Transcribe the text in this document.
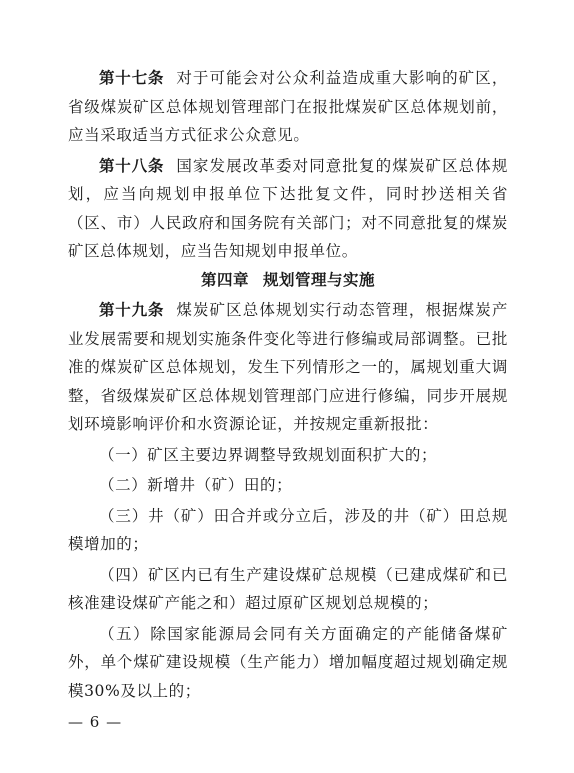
第十七条 对于可能会对公众利益造成重大影响的矿区，省级煤炭矿区总体规划管理部门在报批煤炭矿区总体规划前，应当采取适当方式征求公众意见。

第十八条 国家发展改革委对同意批复的煤炭矿区总体规划，应当向规划申报单位下达批复文件，同时抄送相关省（区、市）人民政府和国务院有关部门；对不同意批复的煤炭矿区总体规划，应当告知规划申报单位。

第四章 规划管理与实施

第十九条 煤炭矿区总体规划实行动态管理，根据煤炭产业发展需要和规划实施条件变化等进行修编或局部调整。已批准的煤炭矿区总体规划，发生下列情形之一的，属规划重大调整，省级煤炭矿区总体规划管理部门应进行修编，同步开展规划环境影响评价和水资源论证，并按规定重新报批：

（一）矿区主要边界调整导致规划面积扩大的；

（二）新增井（矿）田的；

（三）井（矿）田合并或分立后，涉及的井（矿）田总规模增加的；

（四）矿区内已有生产建设煤矿总规模（已建成煤矿和已核准建设煤矿产能之和）超过原矿区规划总规模的；

（五）除国家能源局会同有关方面确定的产能储备煤矿外，单个煤矿建设规模（生产能力）增加幅度超过规划确定规模30%及以上的；

— 6 —
